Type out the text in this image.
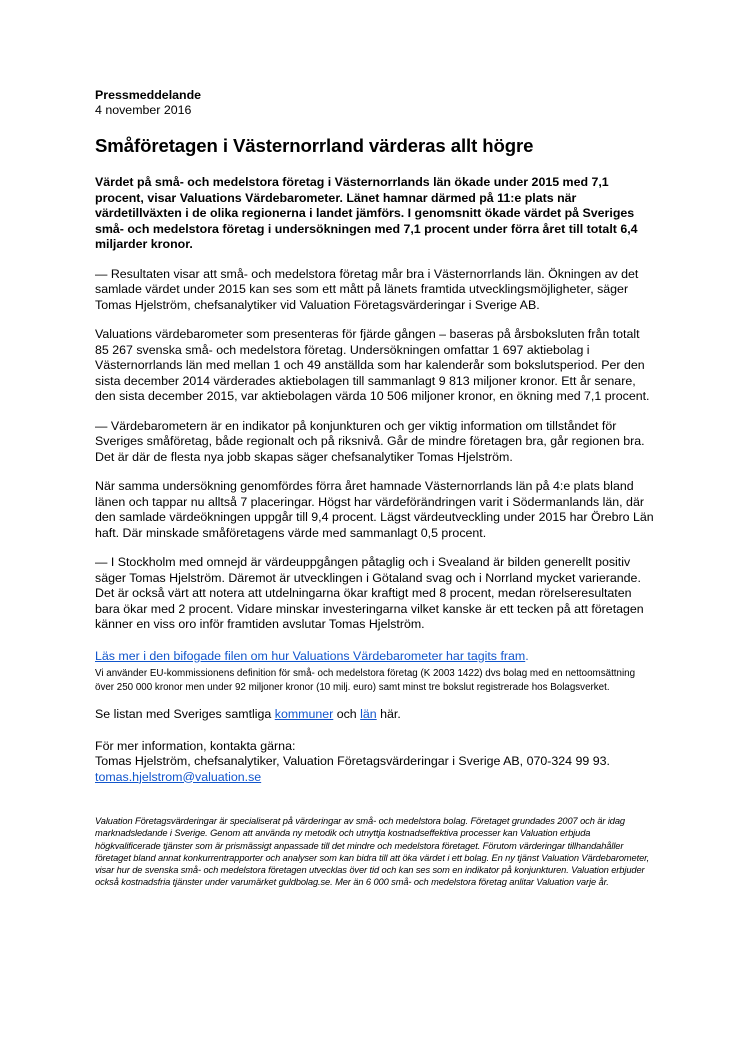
Pressmeddelande

4 november 2016

Småföretagen i Västernorrland värderas allt högre

Värdet på små- och medelstora företag i Västernorrlands län ökade under 2015 med 7,1 procent, visar Valuations Värdebarometer. Länet hamnar därmed på 11:e plats när värdetillväxten i de olika regionerna i landet jämförs. I genomsnitt ökade värdet på Sveriges små- och medelstora företag i undersökningen med 7,1 procent under förra året till totalt 6,4 miljarder kronor.

— Resultaten visar att små- och medelstora företag mår bra i Västernorrlands län. Ökningen av det samlade värdet under 2015 kan ses som ett mått på länets framtida utvecklingsmöjligheter, säger Tomas Hjelström, chefsanalytiker vid Valuation Företagsvärderingar i Sverige AB.

Valuations värdebarometer som presenteras för fjärde gången – baseras på årsboksluten från totalt 85 267 svenska små- och medelstora företag. Undersökningen omfattar 1 697 aktiebolag i Västernorrlands län med mellan 1 och 49 anställda som har kalenderår som bokslutsperiod. Per den sista december 2014 värderades aktiebolagen till sammanlagt 9 813 miljoner kronor. Ett år senare, den sista december 2015, var aktiebolagen värda 10 506 miljoner kronor, en ökning med 7,1 procent.

— Värdebarometern är en indikator på konjunkturen och ger viktig information om tillståndet för Sveriges småföretag, både regionalt och på riksnivå. Går de mindre företagen bra, går regionen bra. Det är där de flesta nya jobb skapas säger chefsanalytiker Tomas Hjelström.

När samma undersökning genomfördes förra året hamnade Västernorrlands län på 4:e plats bland länen och tappar nu alltså 7 placeringar. Högst har värdeförändringen varit i Södermanlands län, där den samlade värdeökningen uppgår till 9,4 procent. Lägst värdeutveckling under 2015 har Örebro Län haft. Där minskade småföretagens värde med sammanlagt 0,5 procent.

— I Stockholm med omnejd är värdeuppgången påtaglig och i Svealand är bilden generellt positiv säger Tomas Hjelström. Däremot är utvecklingen i Götaland svag och i Norrland mycket varierande. Det är också värt att notera att utdelningarna ökar kraftigt med 8 procent, medan rörelseresultaten bara ökar med 2 procent. Vidare minskar investeringarna vilket kanske är ett tecken på att företagen känner en viss oro inför framtiden avslutar Tomas Hjelström.

Läs mer i den bifogade filen om hur Valuations Värdebarometer har tagits fram.

Vi använder EU-kommissionens definition för små- och medelstora företag (K 2003 1422) dvs bolag med en nettoomsättning över 250 000 kronor men under 92 miljoner kronor (10 milj. euro) samt minst tre bokslut registrerade hos Bolagsverket.

Se listan med Sveriges samtliga kommuner och län här.

För mer information, kontakta gärna:

Tomas Hjelström, chefsanalytiker, Valuation Företagsvärderingar i Sverige AB, 070-324 99 93.

tomas.hjelstrom@valuation.se

Valuation Företagsvärderingar är specialiserat på värderingar av små- och medelstora bolag. Företaget grundades 2007 och är idag marknadsledande i Sverige. Genom att använda ny metodik och utnyttja kostnadseffektiva processer kan Valuation erbjuda högkvalificerade tjänster som är prismässigt anpassade till det mindre och medelstora företaget. Förutom värderingar tillhandahåller företaget bland annat konkurrentrapporter och analyser som kan bidra till att öka värdet i ett bolag. En ny tjänst Valuation Värdebarometer, visar hur de svenska små- och medelstora företagen utvecklas över tid och kan ses som en indikator på konjunkturen. Valuation erbjuder också kostnadsfria tjänster under varumärket guldbolag.se. Mer än 6 000 små- och medelstora företag anlitar Valuation varje år.
